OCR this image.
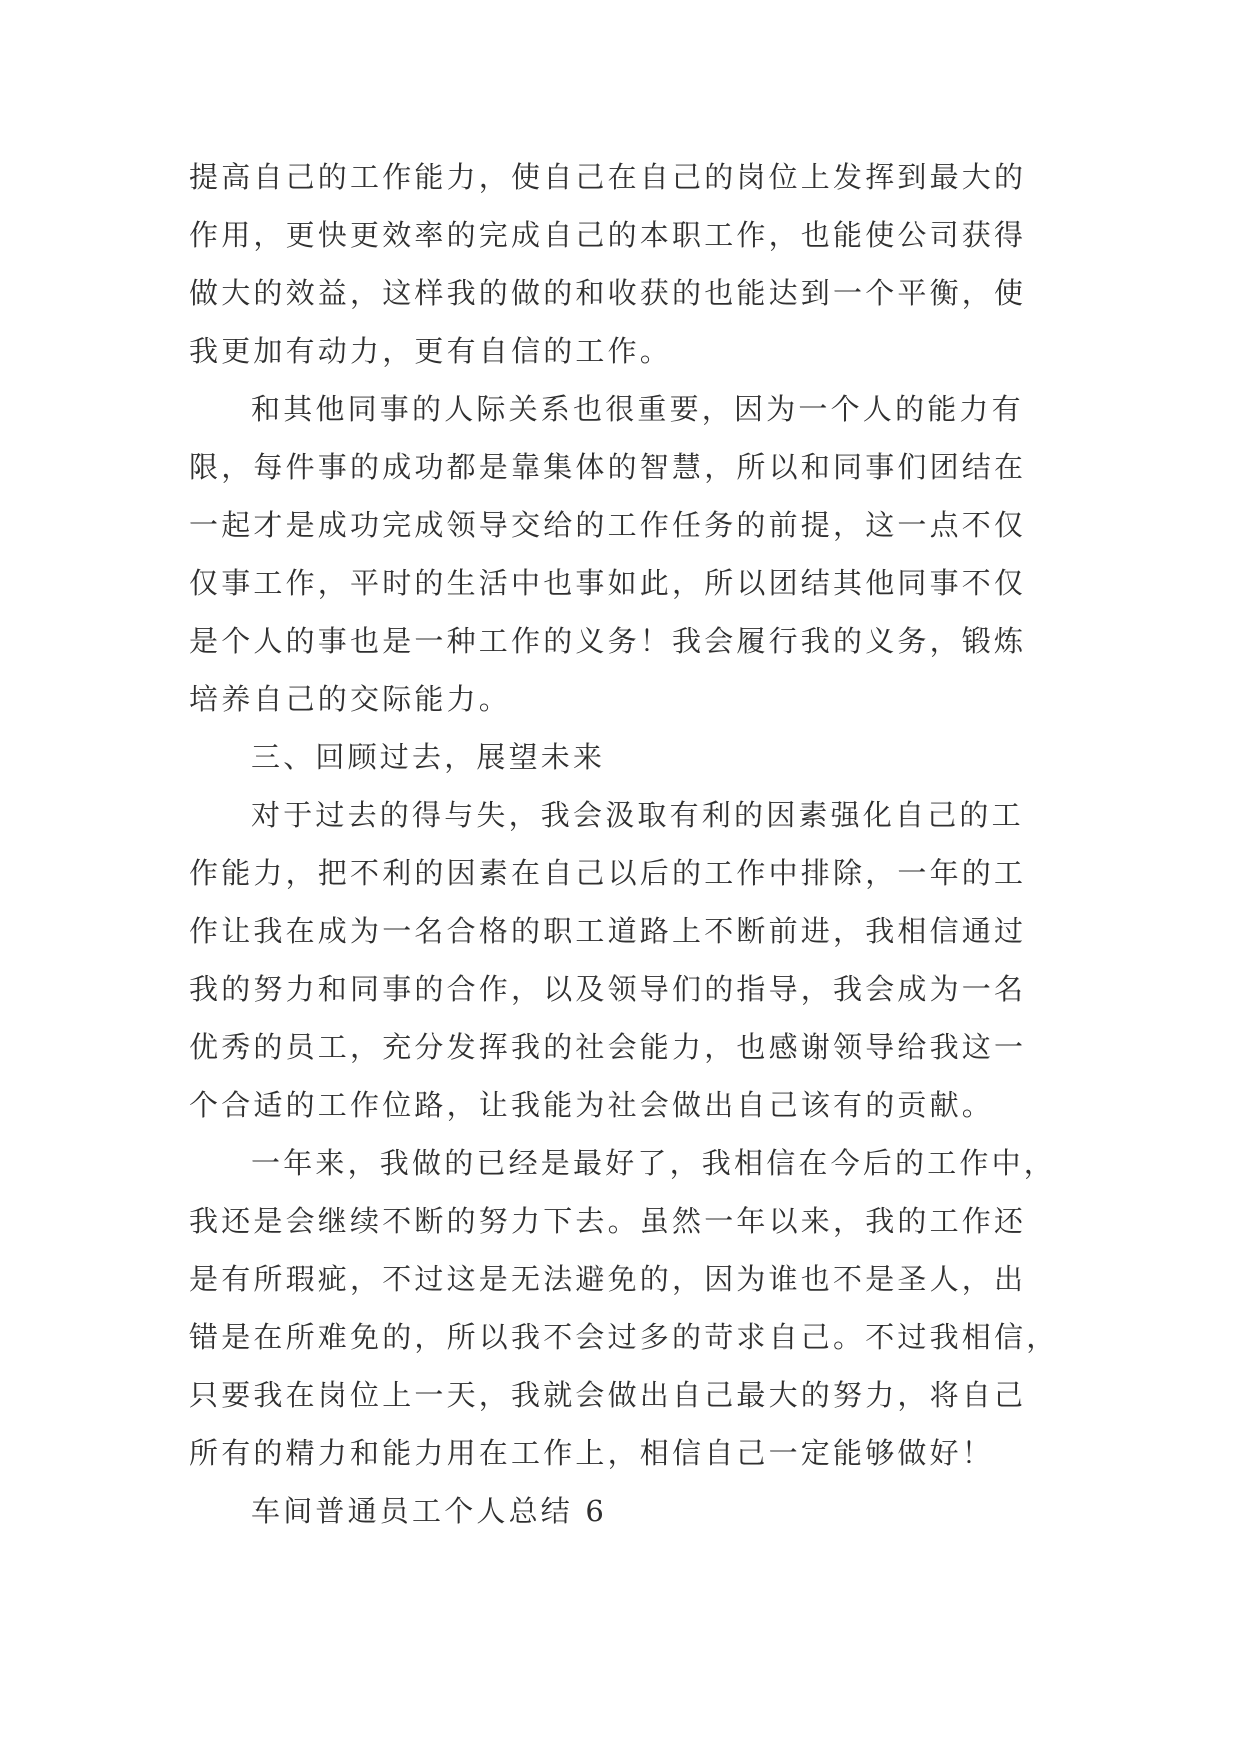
提高自己的工作能力，使自己在自己的岗位上发挥到最大的
作用，更快更效率的完成自己的本职工作，也能使公司获得
做大的效益，这样我的做的和收获的也能达到一个平衡，使
我更加有动力，更有自信的工作。
和其他同事的人际关系也很重要，因为一个人的能力有
限，每件事的成功都是靠集体的智慧，所以和同事们团结在
一起才是成功完成领导交给的工作任务的前提，这一点不仅
仅事工作，平时的生活中也事如此，所以团结其他同事不仅
是个人的事也是一种工作的义务！我会履行我的义务，锻炼
培养自己的交际能力。
三、回顾过去，展望未来
对于过去的得与失，我会汲取有利的因素强化自己的工
作能力，把不利的因素在自己以后的工作中排除，一年的工
作让我在成为一名合格的职工道路上不断前进，我相信通过
我的努力和同事的合作，以及领导们的指导，我会成为一名
优秀的员工，充分发挥我的社会能力，也感谢领导给我这一
个合适的工作位路，让我能为社会做出自己该有的贡献。
一年来，我做的已经是最好了，我相信在今后的工作中，
我还是会继续不断的努力下去。虽然一年以来，我的工作还
是有所瑕疵，不过这是无法避免的，因为谁也不是圣人，出
错是在所难免的，所以我不会过多的苛求自己。不过我相信，
只要我在岗位上一天，我就会做出自己最大的努力，将自己
所有的精力和能力用在工作上，相信自己一定能够做好！
车间普通员工个人总结 6
